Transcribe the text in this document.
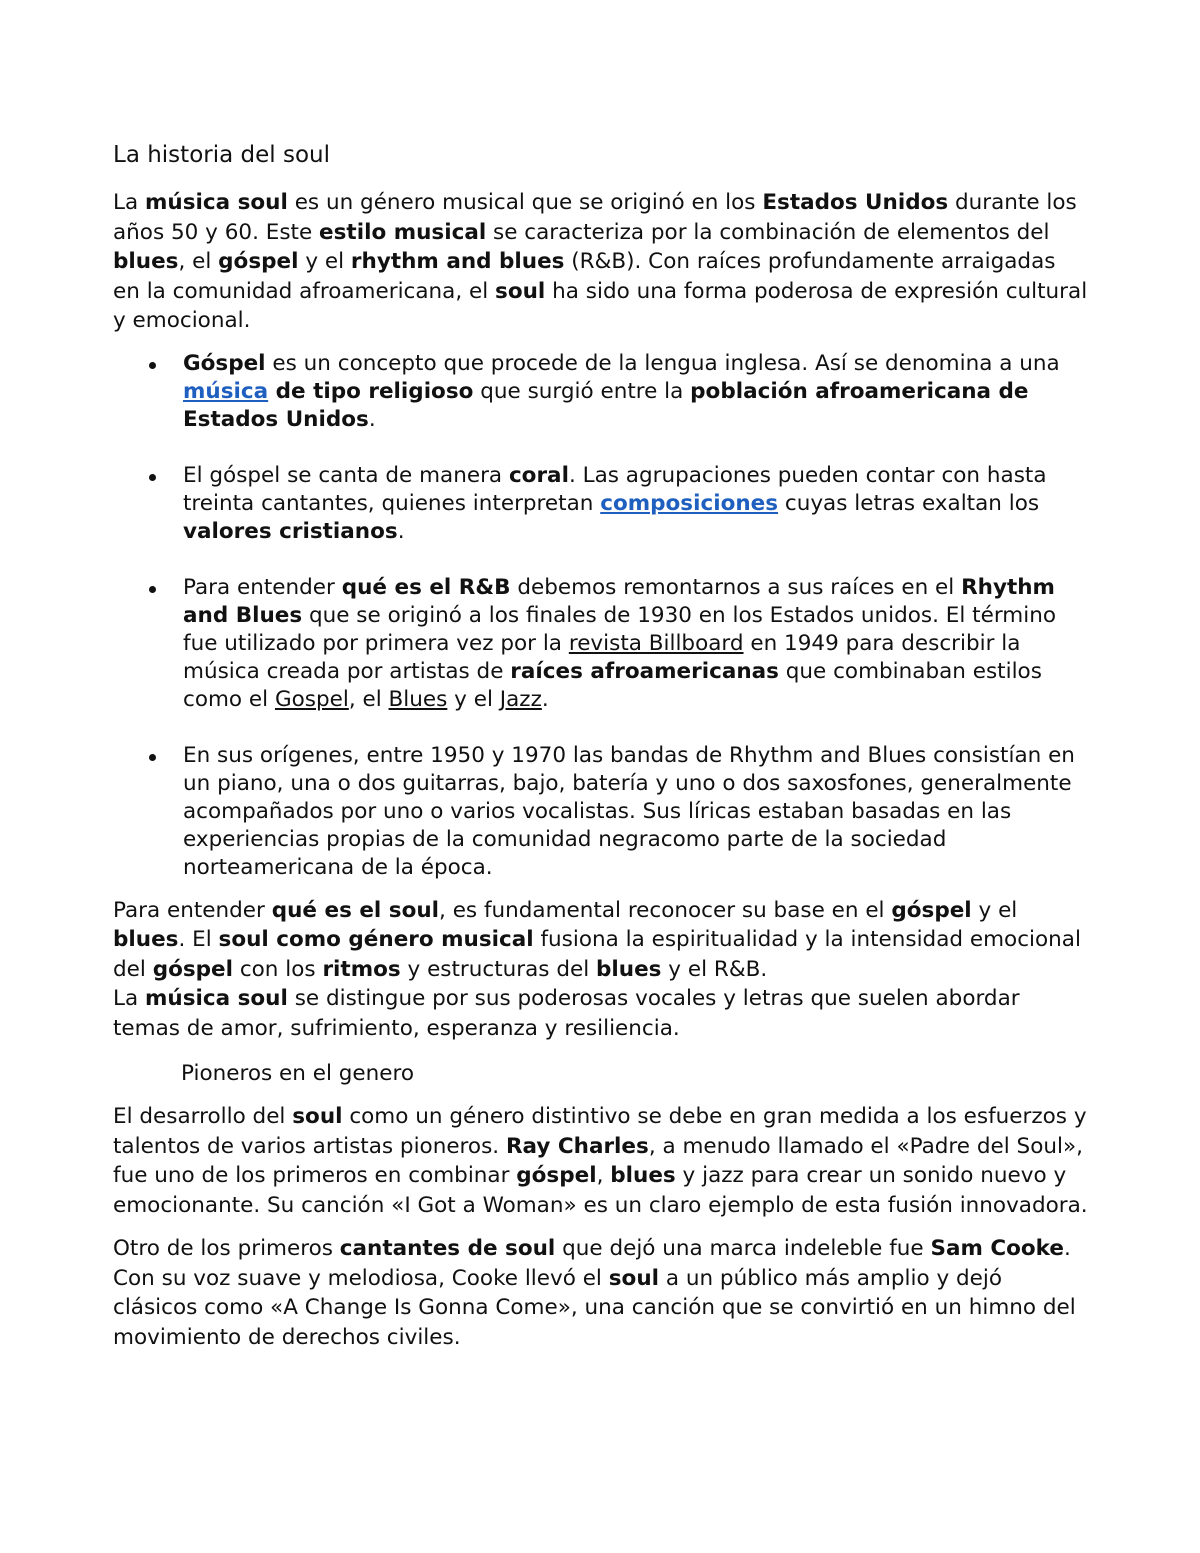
La historia del soul

La música soul es un género musical que se originó en los Estados Unidos durante los años 50 y 60. Este estilo musical se caracteriza por la combinación de elementos del blues, el góspel y el rhythm and blues (R&B). Con raíces profundamente arraigadas en la comunidad afroamericana, el soul ha sido una forma poderosa de expresión cultural y emocional.

Góspel es un concepto que procede de la lengua inglesa. Así se denomina a una música de tipo religioso que surgió entre la población afroamericana de Estados Unidos.
El góspel se canta de manera coral. Las agrupaciones pueden contar con hasta treinta cantantes, quienes interpretan composiciones cuyas letras exaltan los valores cristianos.
Para entender qué es el R&B debemos remontarnos a sus raíces en el Rhythm and Blues que se originó a los finales de 1930 en los Estados unidos. El término fue utilizado por primera vez por la revista Billboard en 1949 para describir la música creada por artistas de raíces afroamericanas que combinaban estilos como el Gospel, el Blues y el Jazz.
En sus orígenes, entre 1950 y 1970 las bandas de Rhythm and Blues consistían en un piano, una o dos guitarras, bajo, batería y uno o dos saxosfones, generalmente acompañados por uno o varios vocalistas. Sus líricas estaban basadas en las experiencias propias de la comunidad negracomo parte de la sociedad norteamericana de la época.

Para entender qué es el soul, es fundamental reconocer su base en el góspel y el blues. El soul como género musical fusiona la espiritualidad y la intensidad emocional del góspel con los ritmos y estructuras del blues y el R&B.
La música soul se distingue por sus poderosas vocales y letras que suelen abordar temas de amor, sufrimiento, esperanza y resiliencia.

Pioneros en el genero

El desarrollo del soul como un género distintivo se debe en gran medida a los esfuerzos y talentos de varios artistas pioneros. Ray Charles, a menudo llamado el «Padre del Soul», fue uno de los primeros en combinar góspel, blues y jazz para crear un sonido nuevo y emocionante. Su canción «I Got a Woman» es un claro ejemplo de esta fusión innovadora.

Otro de los primeros cantantes de soul que dejó una marca indeleble fue Sam Cooke. Con su voz suave y melodiosa, Cooke llevó el soul a un público más amplio y dejó clásicos como «A Change Is Gonna Come», una canción que se convirtió en un himno del movimiento de derechos civiles.
